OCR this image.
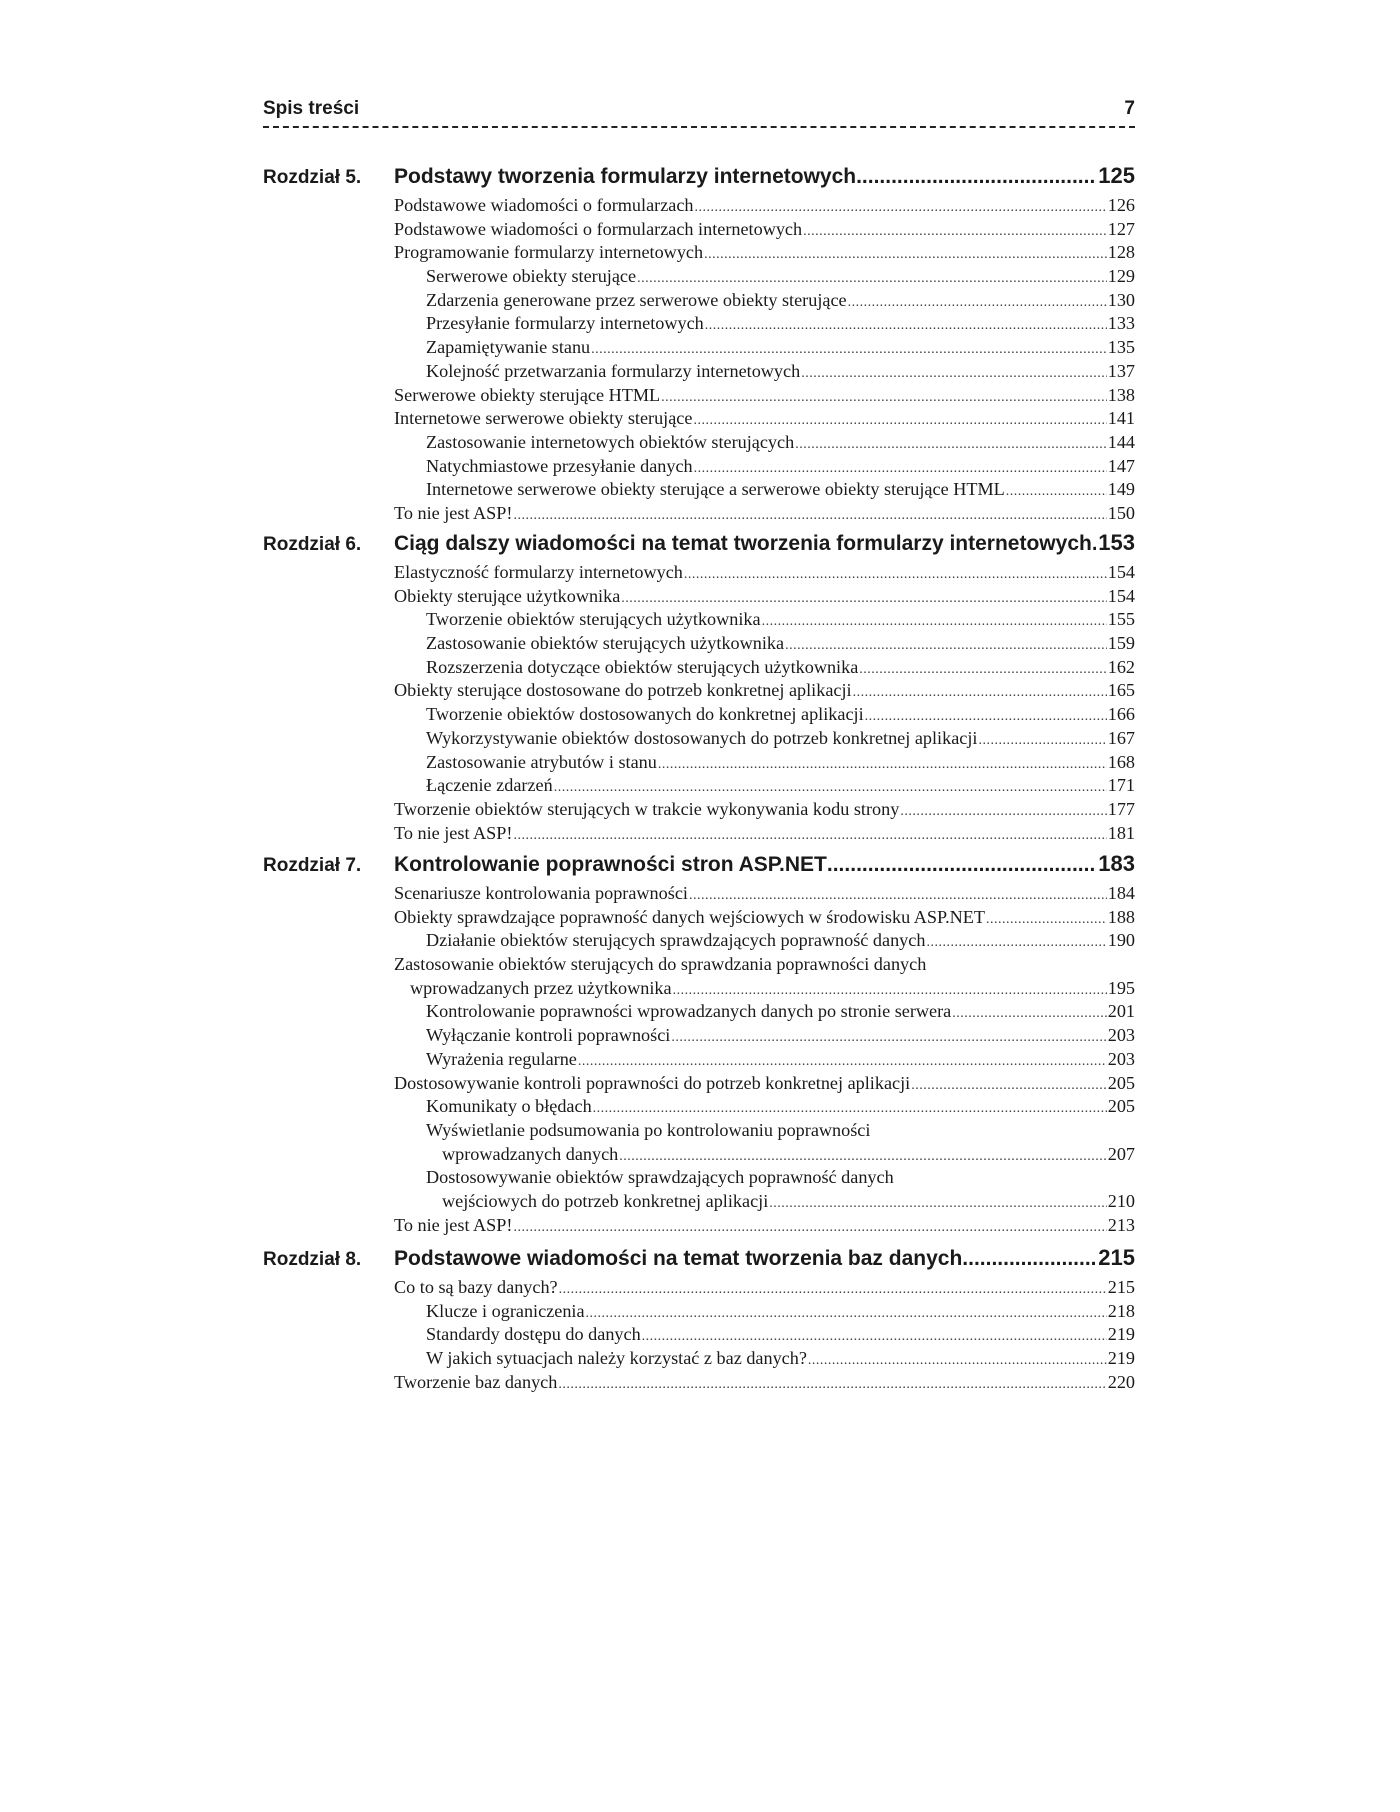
Spis treści	7
Rozdział 5. Podstawy tworzenia formularzy internetowych .....	125
Podstawowe wiadomości o formularzach .....	126
Podstawowe wiadomości o formularzach internetowych .....	127
Programowanie formularzy internetowych .....	128
Serwerowe obiekty sterujące .....	129
Zdarzenia generowane przez serwerowe obiekty sterujące .....	130
Przesyłanie formularzy internetowych .....	133
Zapamiętywanie stanu .....	135
Kolejność przetwarzania formularzy internetowych .....	137
Serwerowe obiekty sterujące HTML .....	138
Internetowe serwerowe obiekty sterujące .....	141
Zastosowanie internetowych obiektów sterujących .....	144
Natychmiastowe przesyłanie danych .....	147
Internetowe serwerowe obiekty sterujące a serwerowe obiekty sterujące HTML .....	149
To nie jest ASP! .....	150
Rozdział 6. Ciąg dalszy wiadomości na temat tworzenia formularzy internetowych ..... 153
Elastyczność formularzy internetowych .....	154
Obiekty sterujące użytkownika .....	154
Tworzenie obiektów sterujących użytkownika .....	155
Zastosowanie obiektów sterujących użytkownika .....	159
Rozszerzenia dotyczące obiektów sterujących użytkownika .....	162
Obiekty sterujące dostosowane do potrzeb konkretnej aplikacji .....	165
Tworzenie obiektów dostosowanych do konkretnej aplikacji .....	166
Wykorzystywanie obiektów dostosowanych do potrzeb konkretnej aplikacji .....	167
Zastosowanie atrybutów i stanu .....	168
Łączenie zdarzeń .....	171
Tworzenie obiektów sterujących w trakcie wykonywania kodu strony .....	177
To nie jest ASP! .....	181
Rozdział 7. Kontrolowanie poprawności stron ASP.NET .....	183
Scenariusze kontrolowania poprawności .....	184
Obiekty sprawdzające poprawność danych wejściowych w środowisku ASP.NET .....	188
Działanie obiektów sterujących sprawdzających poprawność danych .....	190
Zastosowanie obiektów sterujących do sprawdzania poprawności danych
wprowadzanych przez użytkownika .....	195
Kontrolowanie poprawności wprowadzanych danych po stronie serwera .....	201
Wyłączanie kontroli poprawności .....	203
Wyrażenia regularne .....	203
Dostosowywanie kontroli poprawności do potrzeb konkretnej aplikacji .....	205
Komunikaty o błędach .....	205
Wyświetlanie podsumowania po kontrolowaniu poprawności
wprowadzanych danych .....	207
Dostosowywanie obiektów sprawdzających poprawność danych
wejściowych do potrzeb konkretnej aplikacji .....	210
To nie jest ASP! .....	213
Rozdział 8. Podstawowe wiadomości na temat tworzenia baz danych .....	215
Co to są bazy danych? .....	215
Klucze i ograniczenia .....	218
Standardy dostępu do danych .....	219
W jakich sytuacjach należy korzystać z baz danych? .....	219
Tworzenie baz danych .....	220
